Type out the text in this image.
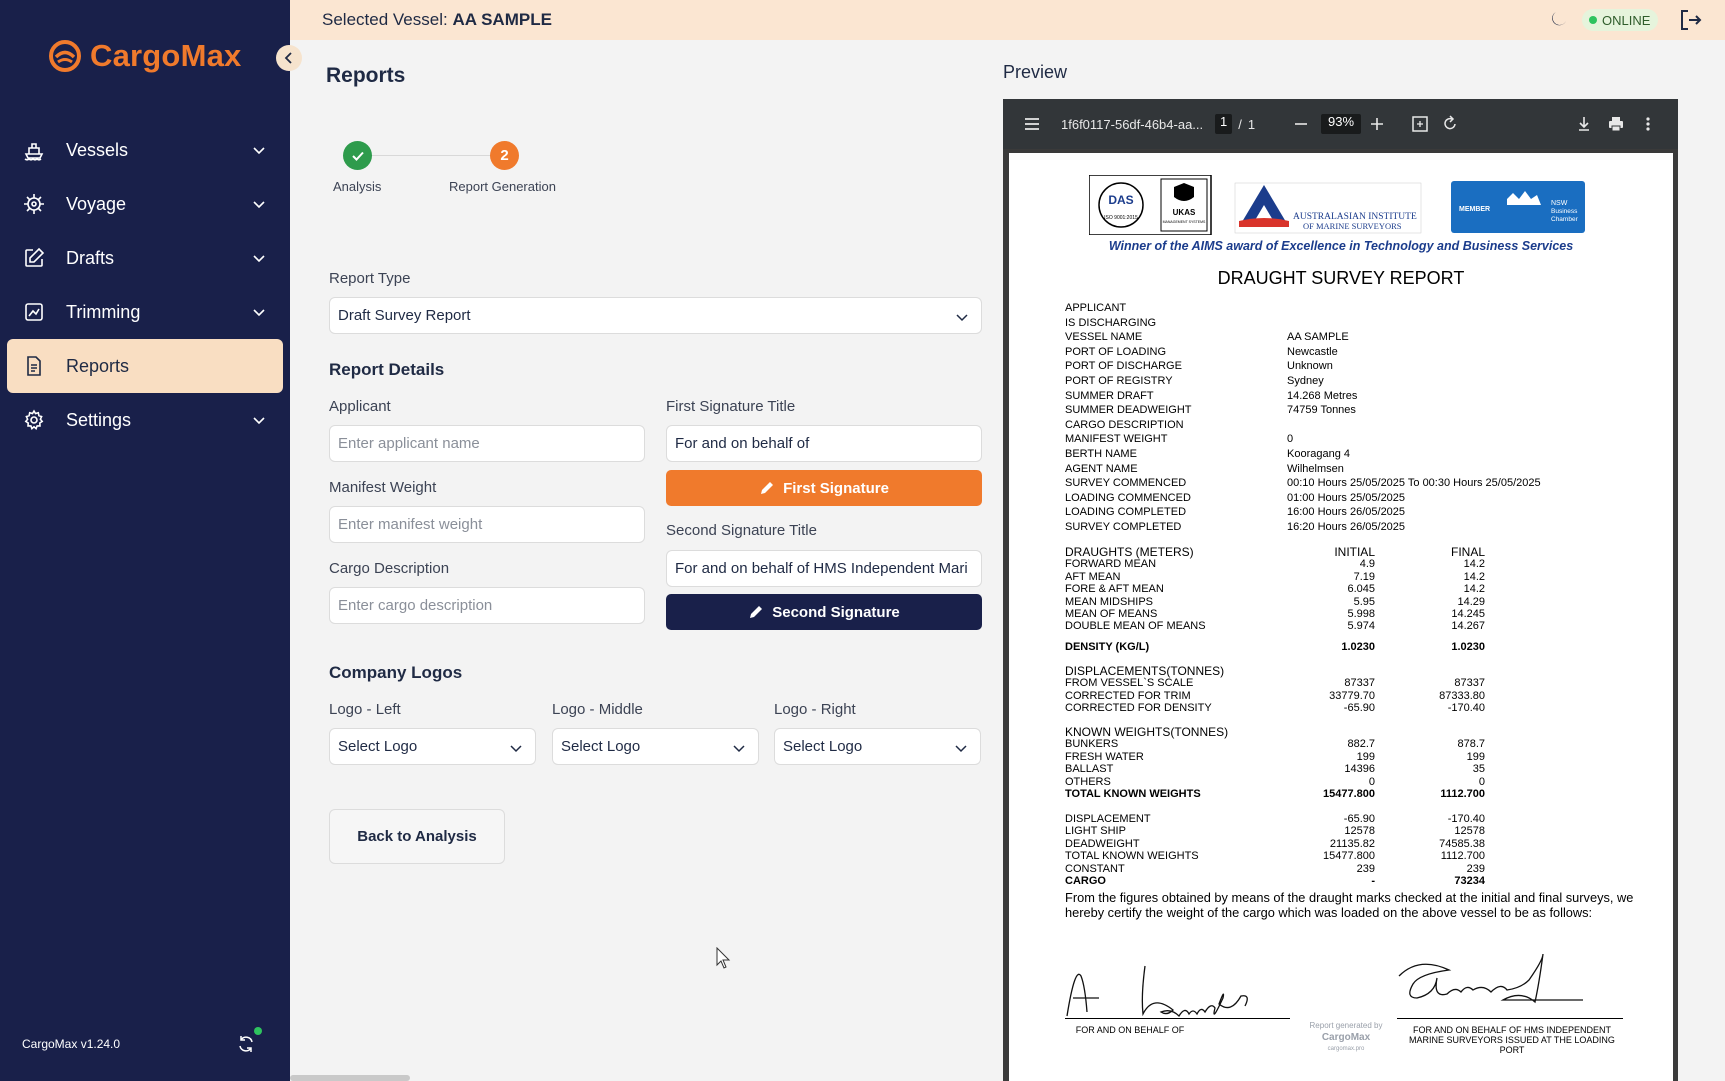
CargoMax
Vessels
Voyage
Drafts
Trimming
Reports
Settings
CargoMax v1.24.0
Selected Vessel: AA SAMPLE	ONLINE
Reports
2
Analysis	Report Generation
Report Type
Draft Survey Report
Report Details
Applicant
Enter applicant name
Manifest Weight
Enter manifest weight
Cargo Description
Enter cargo description
First Signature Title
For and on behalf of
First Signature
Second Signature Title
For and on behalf of HMS Independent Mari
Second Signature
Company Logos
Logo - Left
Select Logo
Logo - Middle
Select Logo
Logo - Right
Select Logo
Back to Analysis
Preview
1f6f0117-56df-46b4-aa...	1 / 1	93%
DAS
ISO 9001:2015
UKAS
MANAGEMENT SYSTEMS	AUSTRALASIAN INSTITUTE
OF MARINE SURVEYORS
MEMBER
NSW
Business
Chamber
Winner of the AIMS award of Excellence in Technology and Business Services
DRAUGHT SURVEY REPORT
APPLICANT
IS DISCHARGING
VESSEL NAME	AA SAMPLE
PORT OF LOADING	Newcastle
PORT OF DISCHARGE	Unknown
PORT OF REGISTRY	Sydney
SUMMER DRAFT	14.268 Metres
SUMMER DEADWEIGHT	74759 Tonnes
CARGO DESCRIPTION
MANIFEST WEIGHT	0
BERTH NAME	Kooragang 4
AGENT NAME	Wilhelmsen
SURVEY COMMENCED	00:10 Hours 25/05/2025 To 00:30 Hours 25/05/2025
LOADING COMMENCED	01:00 Hours 25/05/2025
LOADING COMPLETED	16:00 Hours 26/05/2025
SURVEY COMPLETED	16:20 Hours 26/05/2025
DRAUGHTS (METERS)	INITIAL	FINAL
FORWARD MEAN	4.9	14.2
AFT MEAN	7.19	14.2
FORE & AFT MEAN	6.045	14.2
MEAN MIDSHIPS	5.95	14.29
MEAN OF MEANS	5.998	14.245
DOUBLE MEAN OF MEANS	5.974	14.267
DENSITY (KG/L)	1.0230	1.0230
DISPLACEMENTS(TONNES)
FROM VESSEL`S SCALE	87337	87337
CORRECTED FOR TRIM	33779.70	87333.80
CORRECTED FOR DENSITY	-65.90	-170.40
KNOWN WEIGHTS(TONNES)
BUNKERS	882.7	878.7
FRESH WATER	199	199
BALLAST	14396	35
OTHERS	0	0
TOTAL KNOWN WEIGHTS	15477.800	1112.700
DISPLACEMENT	-65.90	-170.40
LIGHT SHIP	12578	12578
DEADWEIGHT	21135.82	74585.38
TOTAL KNOWN WEIGHTS	15477.800	1112.700
CONSTANT	239	239
CARGO	-	73234
From the figures obtained by means of the draught marks checked at the initial and final surveys, we hereby certify the weight of the cargo which was loaded on the above vessel to be as follows:
FOR AND ON BEHALF OF	FOR AND ON BEHALF OF HMS INDEPENDENT MARINE SURVEYORS ISSUED AT THE LOADING PORT
Report generated by
CargoMax
cargomax.pro
